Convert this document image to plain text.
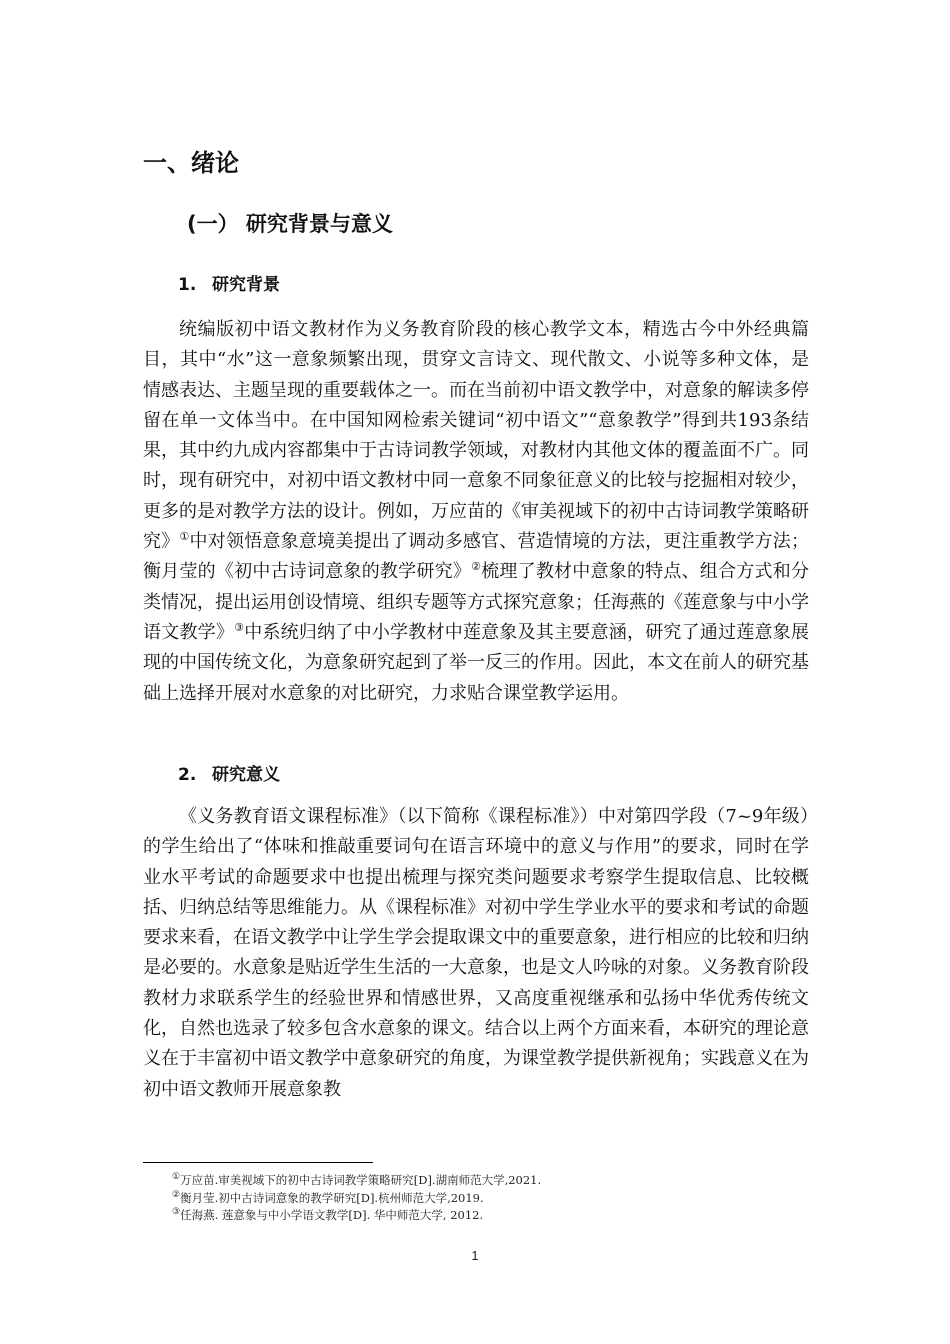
一、绪论
(一） 研究背景与意义
1. 研究背景

统编版初中语文教材作为义务教育阶段的核心教学文本，精选古今中外经典篇目，其中“水”这一意象频繁出现，贯穿文言诗文、现代散文、小说等多种文体，是情感表达、主题呈现的重要载体之一。而在当前初中语文教学中，对意象的解读多停留在单一文体当中。在中国知网检索关键词“初中语文”“意象教学”得到共193条结果，其中约九成内容都集中于古诗词教学领域，对教材内其他文体的覆盖面不广。同时，现有研究中，对初中语文教材中同一意象不同象征意义的比较与挖掘相对较少，更多的是对教学方法的设计。例如，万应苗的《审美视域下的初中古诗词教学策略研究》①中对领悟意象意境美提出了调动多感官、营造情境的方法，更注重教学方法；衡月莹的《初中古诗词意象的教学研究》②梳理了教材中意象的特点、组合方式和分类情况，提出运用创设情境、组织专题等方式探究意象；任海燕的《莲意象与中小学语文教学》③中系统归纳了中小学教材中莲意象及其主要意涵，研究了通过莲意象展现的中国传统文化，为意象研究起到了举一反三的作用。因此，本文在前人的研究基础上选择开展对水意象的对比研究，力求贴合课堂教学运用。

2. 研究意义

《义务教育语文课程标准》（以下简称《课程标准》）中对第四学段（7~9年级）的学生给出了“体味和推敲重要词句在语言环境中的意义与作用”的要求，同时在学业水平考试的命题要求中也提出梳理与探究类问题要求考察学生提取信息、比较概括、归纳总结等思维能力。从《课程标准》对初中学生学业水平的要求和考试的命题要求来看，在语文教学中让学生学会提取课文中的重要意象，进行相应的比较和归纳是必要的。水意象是贴近学生生活的一大意象，也是文人吟咏的对象。义务教育阶段教材力求联系学生的经验世界和情感世界，又高度重视继承和弘扬中华优秀传统文化，自然也选录了较多包含水意象的课文。结合以上两个方面来看，本研究的理论意义在于丰富初中语文教学中意象研究的角度，为课堂教学提供新视角；实践意义在为初中语文教师开展意象教

①万应苗.审美视域下的初中古诗词教学策略研究[D].湖南师范大学,2021.
②衡月莹.初中古诗词意象的教学研究[D].杭州师范大学,2019.
③任海燕. 莲意象与中小学语文教学[D]. 华中师范大学, 2012.
1
